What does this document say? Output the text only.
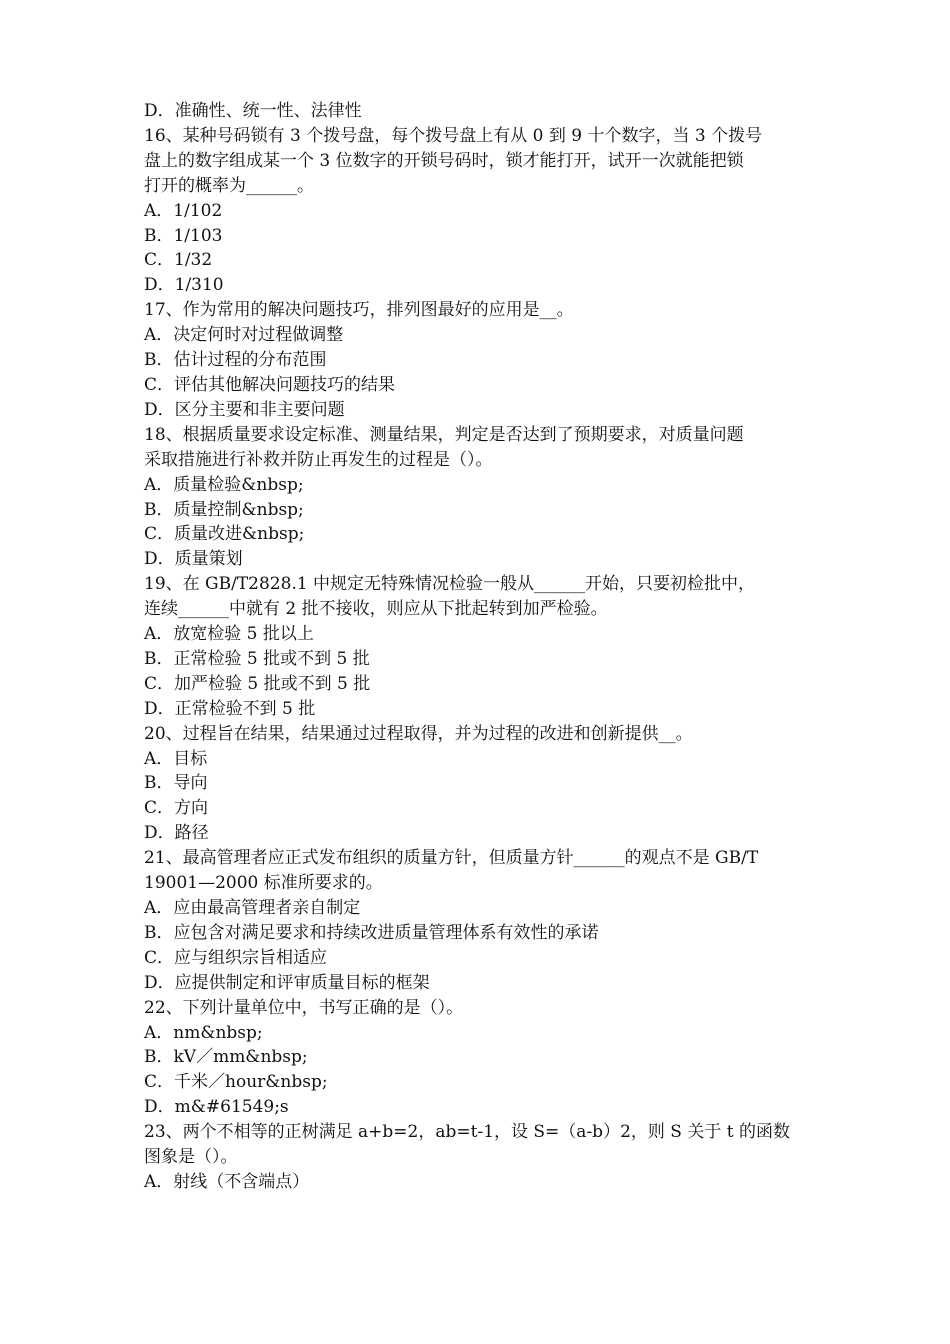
D．准确性、统一性、法律性
16、某种号码锁有 3 个拨号盘，每个拨号盘上有从 0 到 9 十个数字，当 3 个拨号
盘上的数字组成某一个 3 位数字的开锁号码时，锁才能打开，试开一次就能把锁
打开的概率为______。
A．1/102
B．1/103
C．1/32
D．1/310
17、作为常用的解决问题技巧，排列图最好的应用是__。
A．决定何时对过程做调整
B．估计过程的分布范围
C．评估其他解决问题技巧的结果
D．区分主要和非主要问题
18、根据质量要求设定标准、测量结果，判定是否达到了预期要求，对质量问题
采取措施进行补救并防止再发生的过程是（）。
A．质量检验&nbsp;
B．质量控制&nbsp;
C．质量改进&nbsp;
D．质量策划
19、在 GB/T2828.1 中规定无特殊情况检验一般从______开始，只要初检批中，
连续______中就有 2 批不接收，则应从下批起转到加严检验。
A．放宽检验 5 批以上
B．正常检验 5 批或不到 5 批
C．加严检验 5 批或不到 5 批
D．正常检验不到 5 批
20、过程旨在结果，结果通过过程取得，并为过程的改进和创新提供__。
A．目标
B．导向
C．方向
D．路径
21、最高管理者应正式发布组织的质量方针，但质量方针______的观点不是 GB/T
19001—2000 标准所要求的。
A．应由最高管理者亲自制定
B．应包含对满足要求和持续改进质量管理体系有效性的承诺
C．应与组织宗旨相适应
D．应提供制定和评审质量目标的框架
22、下列计量单位中，书写正确的是（）。
A．nm&nbsp;
B．kV／mm&nbsp;
C．千米／hour&nbsp;
D．m&#61549;s
23、两个不相等的正树满足 a+b=2，ab=t-1，设 S=（a-b）2，则 S 关于 t 的函数
图象是（）。
A．射线（不含端点）
